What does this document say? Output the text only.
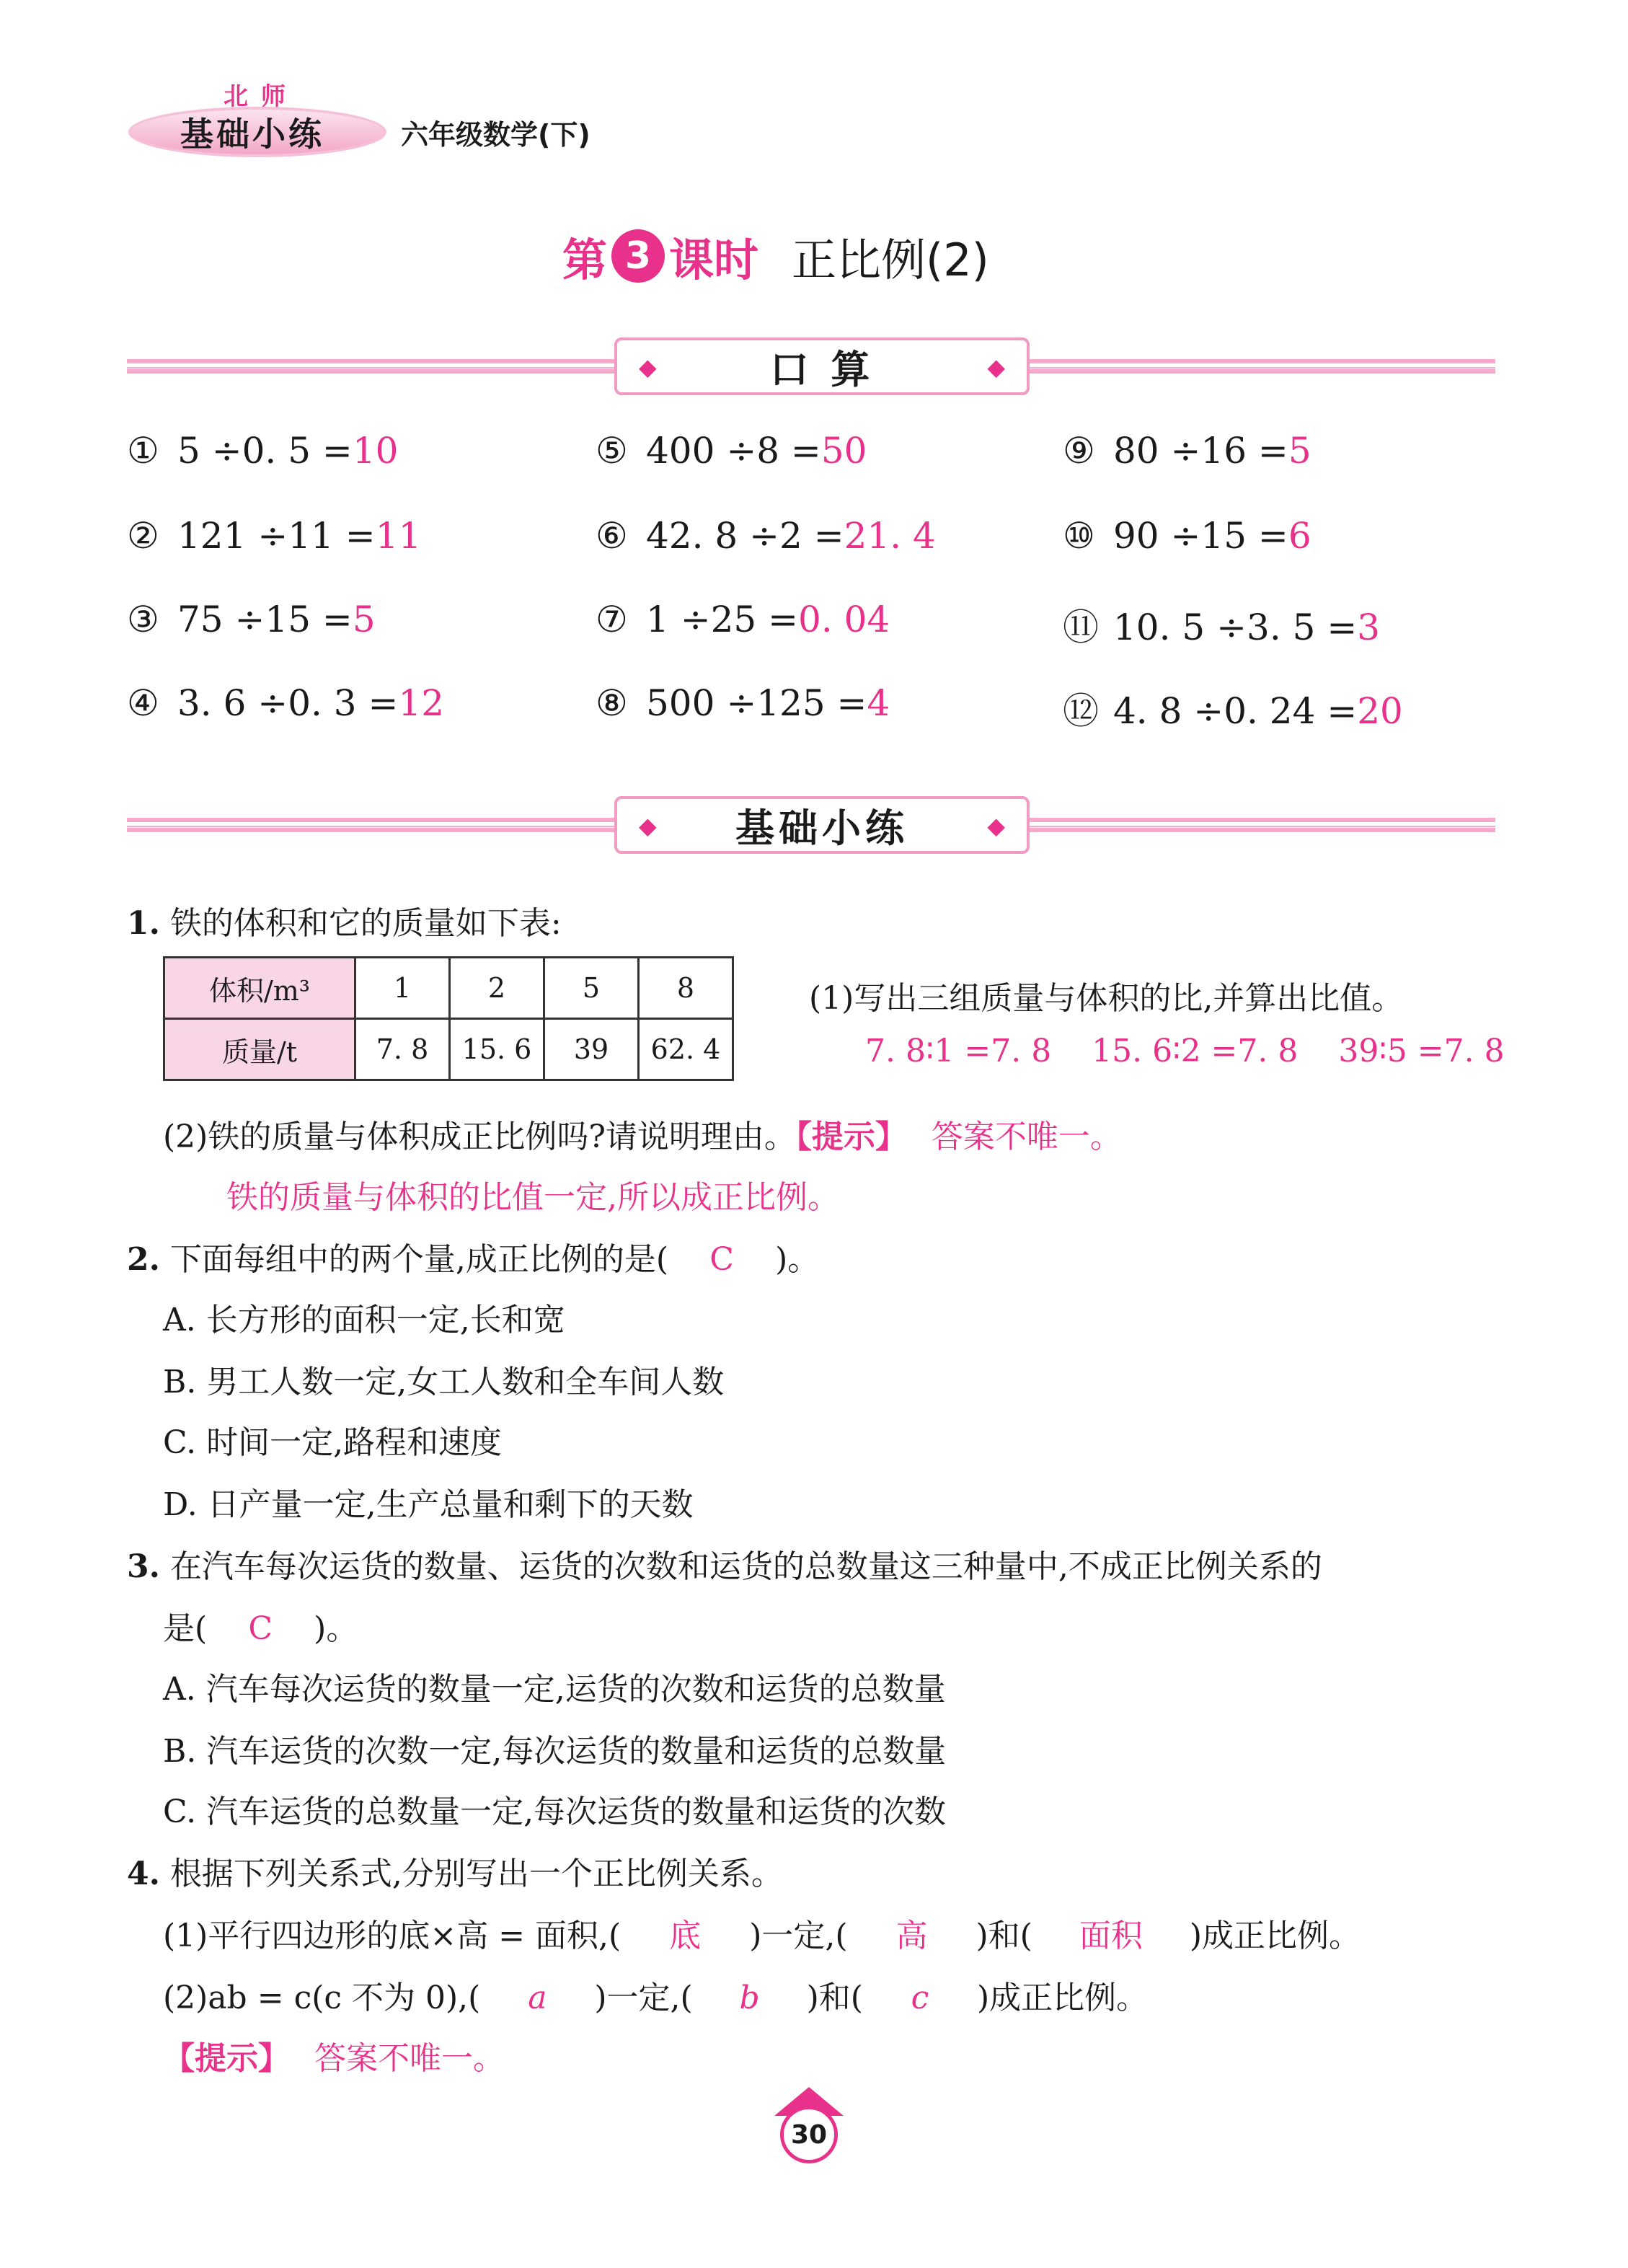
北师
基础小练	六年级数学(下)
第 3 课时 正比例(2)
◆	口 算	◆
① 5 ÷0. 5 =10	⑤ 400 ÷8 =50	⑨ 80 ÷16 =5
② 121 ÷11 =11	⑥ 42. 8 ÷2 =21. 4	⑩ 90 ÷15 =6
③ 75 ÷15 =5	⑦ 1 ÷25 =0. 04	⑪ 10. 5 ÷3. 5 =3
④ 3. 6 ÷0. 3 =12	⑧ 500 ÷125 =4	⑫ 4. 8 ÷0. 24 =20
◆ 基础小练	◆
1. 铁的体积和它的质量如下表:
体积/m³	1	2	5	8
质量/t	7. 8	15. 6	39	62. 4
(1)写出三组质量与体积的比,并算出比值。
7. 8∶1 =7. 8    15. 6∶2 =7. 8    39∶5 =7. 8
(2)铁的质量与体积成正比例吗?请说明理由。【提示】 答案不唯一。
铁的质量与体积的比值一定,所以成正比例。
2. 下面每组中的两个量,成正比例的是( C )。
A. 长方形的面积一定,长和宽
B. 男工人数一定,女工人数和全车间人数
C. 时间一定,路程和速度
D. 日产量一定,生产总量和剩下的天数
3. 在汽车每次运货的数量、运货的次数和运货的总数量这三种量中,不成正比例关系的
是( C )。
A. 汽车每次运货的数量一定,运货的次数和运货的总数量
B. 汽车运货的次数一定,每次运货的数量和运货的总数量
C. 汽车运货的总数量一定,每次运货的数量和运货的次数
4. 根据下列关系式,分别写出一个正比例关系。
(1)平行四边形的底×高 = 面积,( 底 )一定,( 高 )和( 面积 )成正比例。
(2)ab = c(c 不为 0),( a )一定,( b )和( c )成正比例。
【提示】 答案不唯一。
30
